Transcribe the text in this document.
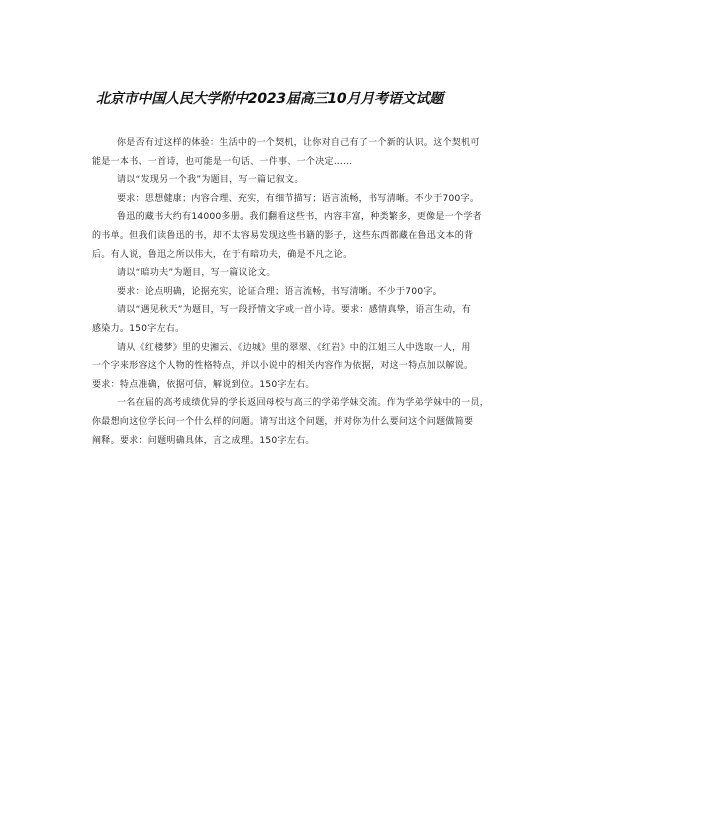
北京市中国人民大学附中2023届高三10月月考语文试题
你是否有过这样的体验：生活中的一个契机，让你对自己有了一个新的认识。这个契机可
能是一本书、一首诗，也可能是一句话、一件事、一个决定……
请以“发现另一个我”为题目，写一篇记叙文。
要求：思想健康；内容合理、充实，有细节描写；语言流畅，书写清晰。不少于700字。
鲁迅的藏书大约有14000多册。我们翻看这些书，内容丰富，种类繁多，更像是一个学者
的书单。但我们读鲁迅的书，却不太容易发现这些书籍的影子，这些东西都藏在鲁迅文本的背
后。有人说，鲁迅之所以伟大，在于有暗功夫，确是不凡之论。
请以“暗功夫”为题目，写一篇议论文。
要求：论点明确，论据充实，论证合理；语言流畅，书写清晰。不少于700字。
请以“遇见秋天”为题目，写一段抒情文字或一首小诗。要求：感情真挚，语言生动，有
感染力。150字左右。
请从《红楼梦》里的史湘云、《边城》里的翠翠、《红岩》中的江姐三人中选取一人，用
一个字来形容这个人物的性格特点，并以小说中的相关内容作为依据，对这一特点加以解说。
要求：特点准确，依据可信，解说到位。150字左右。
一名在届的高考成绩优异的学长返回母校与高三的学弟学妹交流。作为学弟学妹中的一员，
你最想向这位学长问一个什么样的问题。请写出这个问题，并对你为什么要问这个问题做简要
阐释。要求：问题明确具体，言之成理。150字左右。
